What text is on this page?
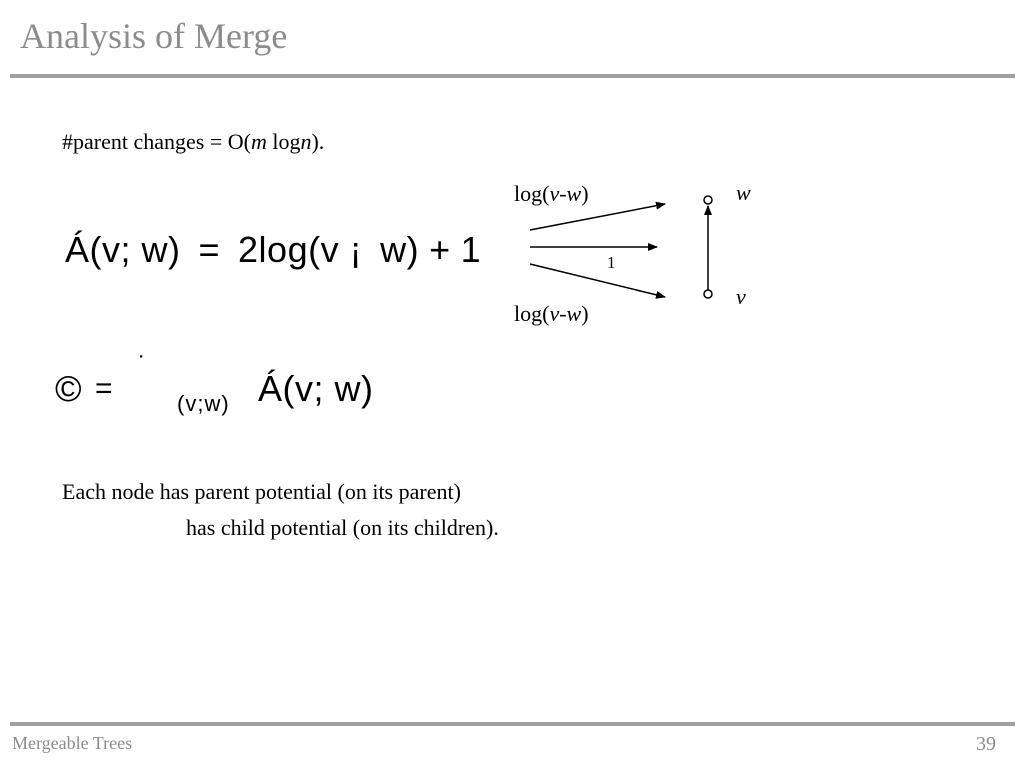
Analysis of Merge
#parent changes = O(m logn).
Á(v; w) = 2log(v ¡ w) + 1
log(v-w)
1
log(v-w)
w
v
© =
˙
(v;w) Á(v; w)
Each node has parent potential (on its parent)
has child potential (on its children).
Mergeable Trees	39
